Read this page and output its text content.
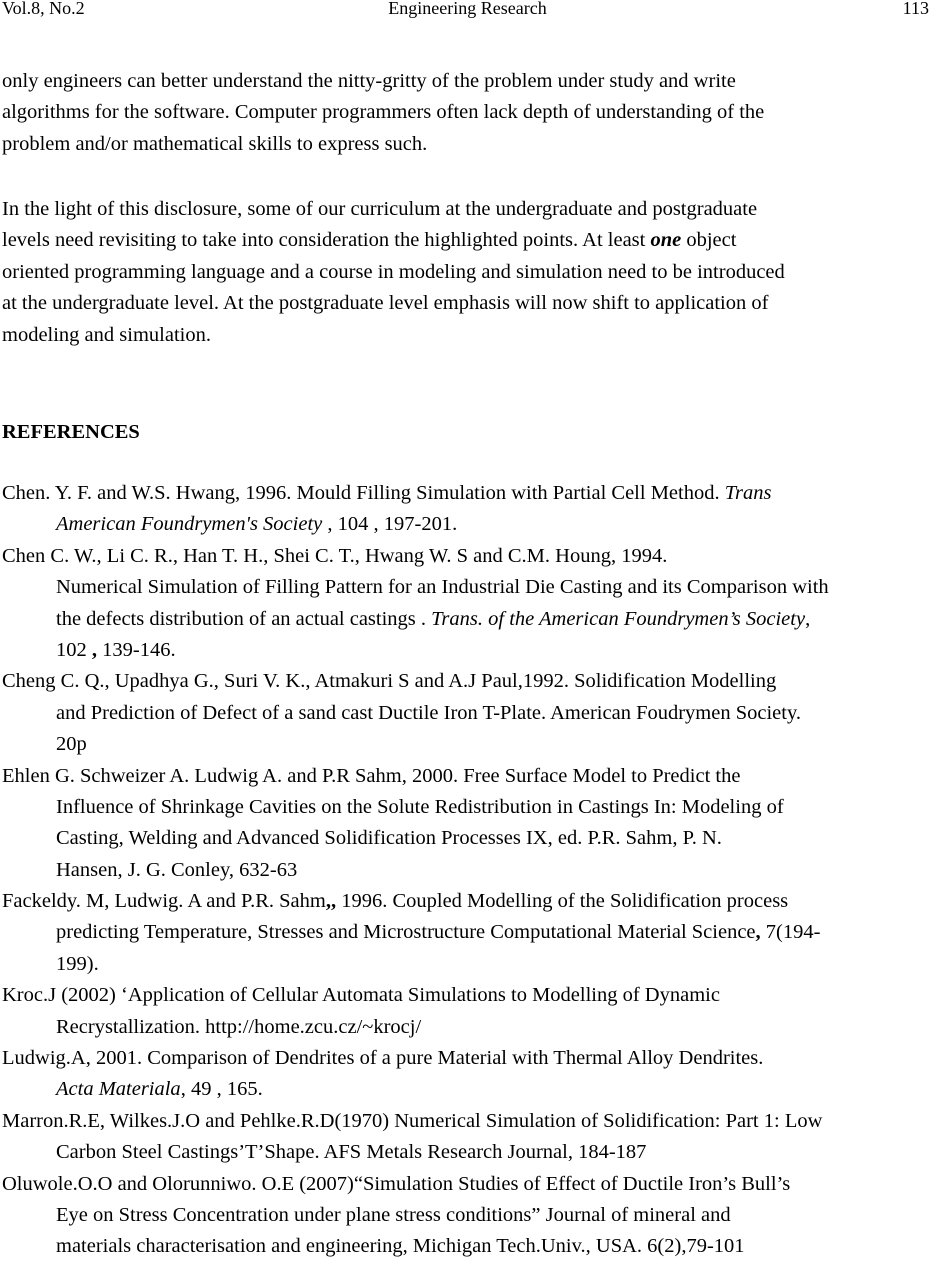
Vol.8, No.2	Engineering Research	113
only engineers can better understand the nitty-gritty of the problem under study and write
algorithms for the software. Computer programmers often lack depth of understanding of the
problem and/or mathematical skills to express such.
In the light of this disclosure, some of our curriculum at the undergraduate and postgraduate
levels need revisiting to take into consideration the highlighted points. At least one object
oriented programming language and a course in modeling and simulation need to be introduced
at the undergraduate level. At the postgraduate level emphasis will now shift to application of
modeling and simulation.
REFERENCES
Chen. Y. F. and W.S. Hwang, 1996. Mould Filling Simulation with Partial Cell Method. Trans
American Foundrymen's Society , 104 , 197-201.
Chen C. W., Li C. R., Han T. H., Shei C. T., Hwang W. S and C.M. Houng, 1994.
Numerical Simulation of Filling Pattern for an Industrial Die Casting and its Comparison with
the defects distribution of an actual castings . Trans. of the American Foundrymen’s Society,
102 , 139-146.
Cheng C. Q., Upadhya G., Suri V. K., Atmakuri S and A.J Paul,1992. Solidification Modelling
and Prediction of Defect of a sand cast Ductile Iron T-Plate. American Foudrymen Society.
20p
Ehlen G. Schweizer A. Ludwig A. and P.R Sahm, 2000. Free Surface Model to Predict the
Influence of Shrinkage Cavities on the Solute Redistribution in Castings In: Modeling of
Casting, Welding and Advanced Solidification Processes IX, ed. P.R. Sahm, P. N.
Hansen, J. G. Conley, 632-63
Fackeldy. M, Ludwig. A and P.R. Sahm,, 1996. Coupled Modelling of the Solidification process
predicting Temperature, Stresses and Microstructure Computational Material Science, 7(194-
199).
Kroc.J (2002) ‘Application of Cellular Automata Simulations to Modelling of Dynamic
Recrystallization. http://home.zcu.cz/~krocj/
Ludwig.A, 2001. Comparison of Dendrites of a pure Material with Thermal Alloy Dendrites.
Acta Materiala, 49 , 165.
Marron.R.E, Wilkes.J.O and Pehlke.R.D(1970) Numerical Simulation of Solidification: Part 1: Low
Carbon Steel Castings’T’Shape. AFS Metals Research Journal, 184-187
Oluwole.O.O and Olorunniwo. O.E (2007)“Simulation Studies of Effect of Ductile Iron’s Bull’s
Eye on Stress Concentration under plane stress conditions” Journal of mineral and
materials characterisation and engineering, Michigan Tech.Univ., USA. 6(2),79-101
